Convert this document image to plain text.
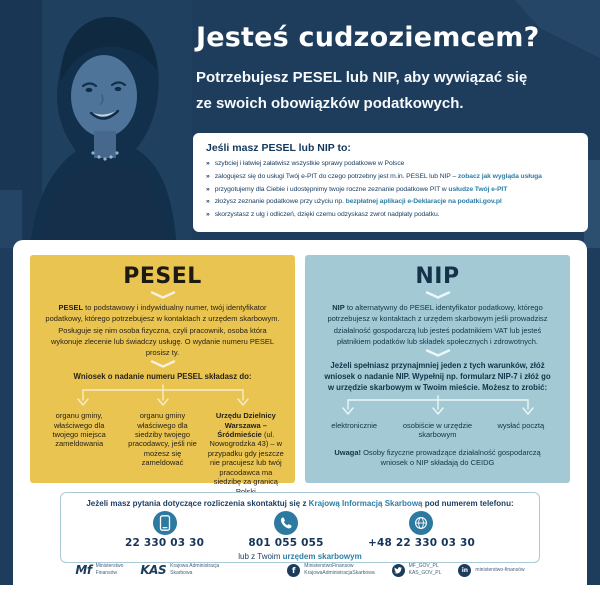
Jesteś cudzoziemcem?

Potrzebujesz PESEL lub NIP, aby wywiązać się
ze swoich obowiązków podatkowych.

Jeśli masz PESEL lub NIP to:
» szybciej i łatwiej załatwisz wszystkie sprawy podatkowe w Polsce
» zalogujesz się do usługi Twój e-PIT do czego potrzebny jest m.in. PESEL lub NIP – zobacz jak wygląda usługa
» przygotujemy dla Ciebie i udostępnimy twoje roczne zeznanie podatkowe PIT w usłudze Twój e-PIT
» złożysz zeznanie podatkowe przy użyciu np. bezpłatnej aplikacji e-Deklaracje na podatki.gov.pl
» skorzystasz z ulg i odliczeń, dzięki czemu odzyskasz zwrot nadpłaty podatku.
PESEL

PESEL to podstawowy i indywidualny numer, twój identyfikator podatkowy, którego potrzebujesz w kontaktach z urzędem skarbowym. Posługuje się nim osoba fizyczna, czyli pracownik, osoba która wykonuje zlecenie lub świadczy usługę. O wydanie numeru PESEL prosisz ty.

Wniosek o nadanie numeru PESEL składasz do:

organu gminy, właściwego dla twojego miejsca zameldowania
organu gminy właściwego dla siedziby twojego pracodawcy, jeśli nie możesz się zameldować
Urzędu Dzielnicy Warszawa – Śródmieście (ul. Nowogrodzka 43) – w przypadku gdy jeszcze nie pracujesz lub twój pracodawca ma siedzibę za granicą
NIP

NIP to alternatywny do PESEL identyfikator podatkowy, którego potrzebujesz w kontaktach z urzędem skarbowym jeśli prowadzisz działalność gospodarczą lub jesteś podatnikiem VAT lub jesteś płatnikiem podatków lub składek społecznych i zdrowotnych.

Jeżeli spełniasz przynajmniej jeden z tych warunków, złóż wniosek o nadanie NIP. Wypełnij np. formularz NIP-7 i złóż go w urzędzie skarbowym w Twoim mieście. Możesz to zrobić:

elektronicznie	osobiście w urzędzie skarbowym
wysłać pocztą

Uwaga! Osoby fizyczne prowadzące działalność gospodarczą wniosek o NIP składają do CEIDG

Jeżeli masz pytania dotyczące rozliczenia skontaktuj się z Krajową Informacją Skarbową pod numerem telefonu:

22 330 03 30	801 055 055	+48 22 330 03 30

lub z Twoim urzędem skarbowym

Mf Ministerstwo
Finansów	KAS Krajowa Administracja
Skarbowa	f	MinisterstwoFinansow
KrajowaAdministracjaSkarbowa
MF_GOV_PL
KAS_GOV_PL	in	ministerstwo-finansów
